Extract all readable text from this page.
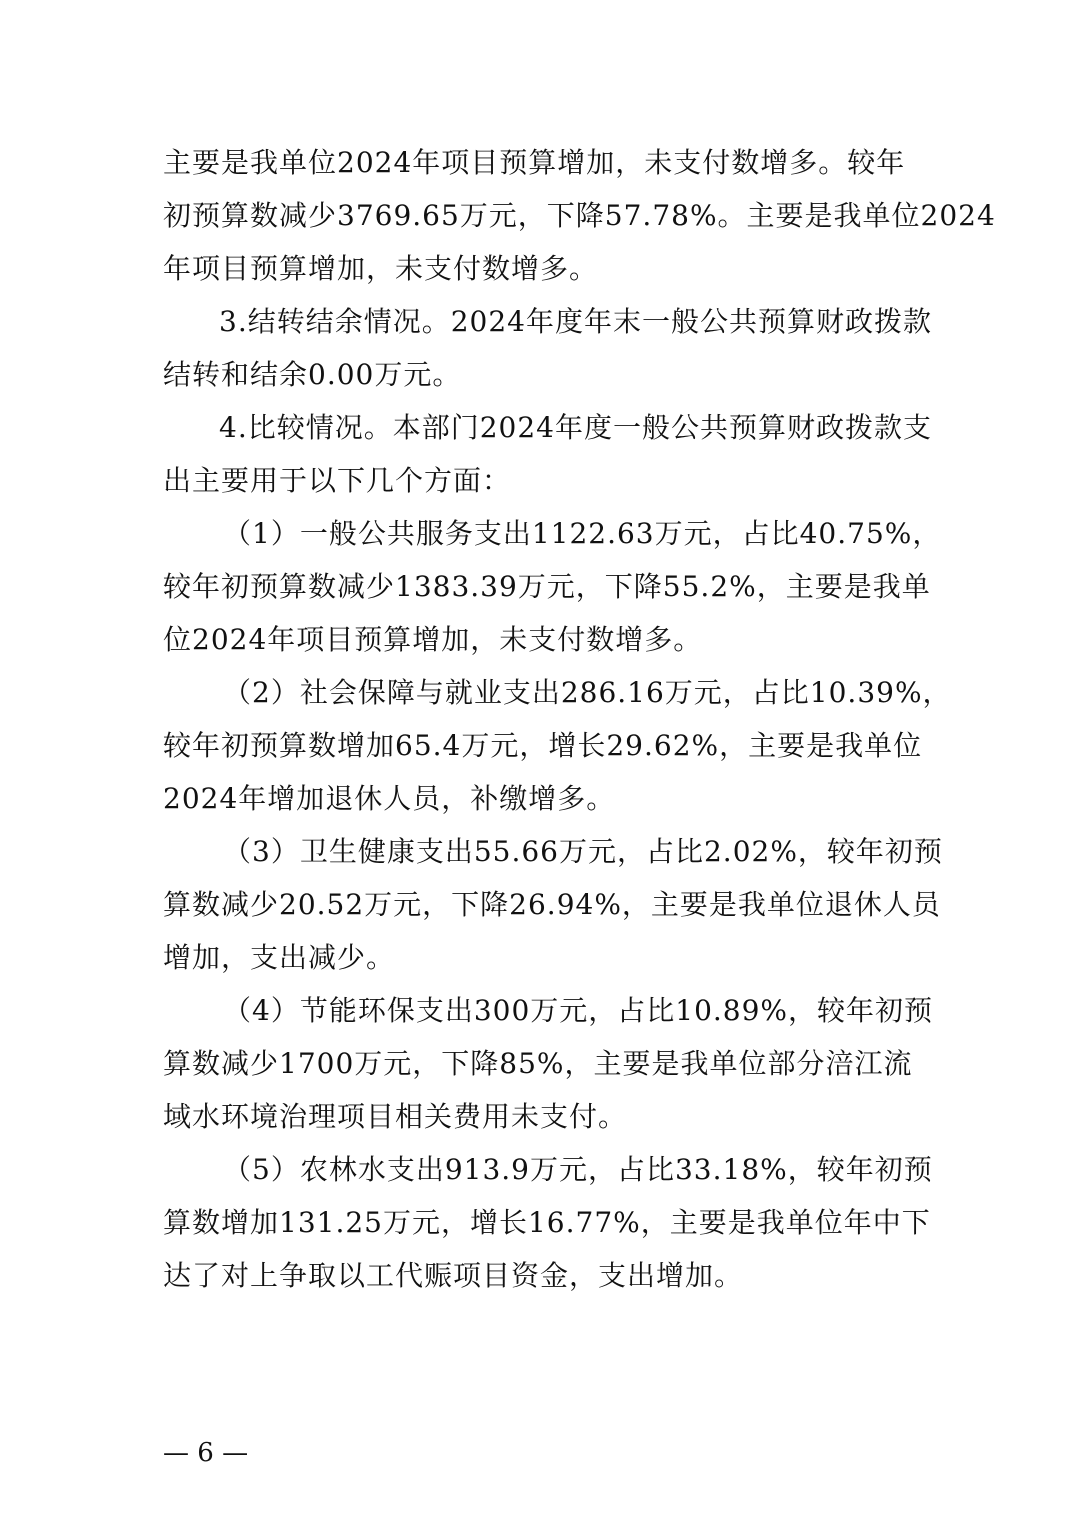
主要是我单位2024年项目预算增加，未支付数增多。较年
初预算数减少3769.65万元，下降57.78%。主要是我单位2024
年项目预算增加，未支付数增多。
3.结转结余情况。2024年度年末一般公共预算财政拨款
结转和结余0.00万元。
4.比较情况。本部门2024年度一般公共预算财政拨款支
出主要用于以下几个方面：
（1）一般公共服务支出1122.63万元，占比40.75%，
较年初预算数减少1383.39万元，下降55.2%，主要是我单
位2024年项目预算增加，未支付数增多。
（2）社会保障与就业支出286.16万元，占比10.39%，
较年初预算数增加65.4万元，增长29.62%，主要是我单位
2024年增加退休人员，补缴增多。
（3）卫生健康支出55.66万元，占比2.02%，较年初预
算数减少20.52万元，下降26.94%，主要是我单位退休人员
增加，支出减少。
（4）节能环保支出300万元，占比10.89%，较年初预
算数减少1700万元，下降85%，主要是我单位部分涪江流
域水环境治理项目相关费用未支付。
（5）农林水支出913.9万元，占比33.18%，较年初预
算数增加131.25万元，增长16.77%，主要是我单位年中下
达了对上争取以工代赈项目资金，支出增加。
— 6 —
